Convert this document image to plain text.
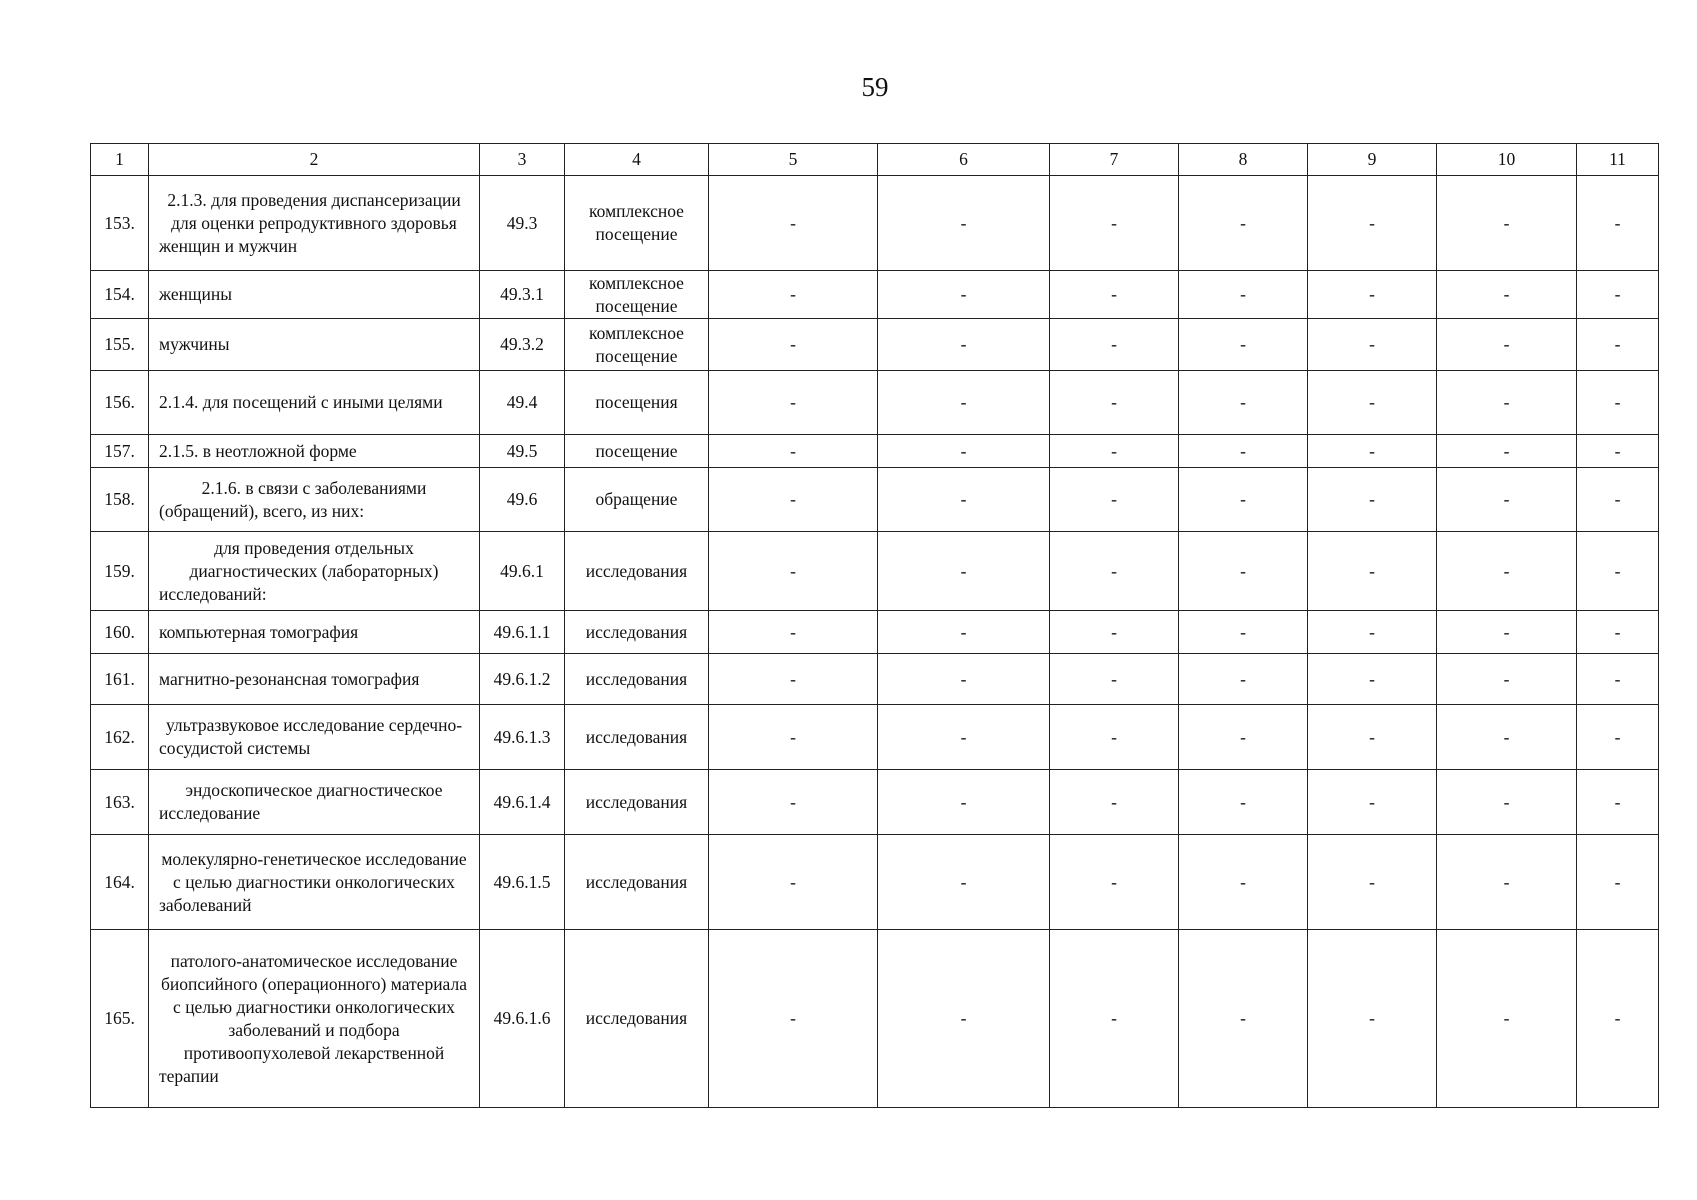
59
1	2	3	4	5	6	7	8	9	10	11
153.	2.1.3. для проведения диспансеризации для оценки репродуктивного здоровья женщин и мужчин	49.3	комплексное посещение	-	-	-	-	-	-	-
154.	женщины	49.3.1	комплексное посещение	-	-	-	-	-	-	-
155.	мужчины	49.3.2	комплексное посещение	-	-	-	-	-	-	-
156.	2.1.4. для посещений с иными целями	49.4	посещения	-	-	-	-	-	-	-
157.	2.1.5. в неотложной форме	49.5	посещение	-	-	-	-	-	-	-
158.	2.1.6. в связи с заболеваниями (обращений), всего, из них:	49.6	обращение	-	-	-	-	-	-	-
159.	для проведения отдельных диагностических (лабораторных) исследований:	49.6.1	исследования	-	-	-	-	-	-	-
160.	компьютерная томография	49.6.1.1	исследования	-	-	-	-	-	-	-
161.	магнитно-резонансная томография	49.6.1.2	исследования	-	-	-	-	-	-	-
162.	ультразвуковое исследование сердечно-сосудистой системы	49.6.1.3	исследования	-	-	-	-	-	-	-
163.	эндоскопическое диагностическое исследование	49.6.1.4	исследования	-	-	-	-	-	-	-
164.	молекулярно-генетическое исследование с целью диагностики онкологических заболеваний	49.6.1.5	исследования	-	-	-	-	-	-	-
165.	патолого-анатомическое исследование биопсийного (операционного) материала с целью диагностики онкологических заболеваний и подбора противоопухолевой лекарственной терапии	49.6.1.6	исследования	-	-	-	-	-	-	-
